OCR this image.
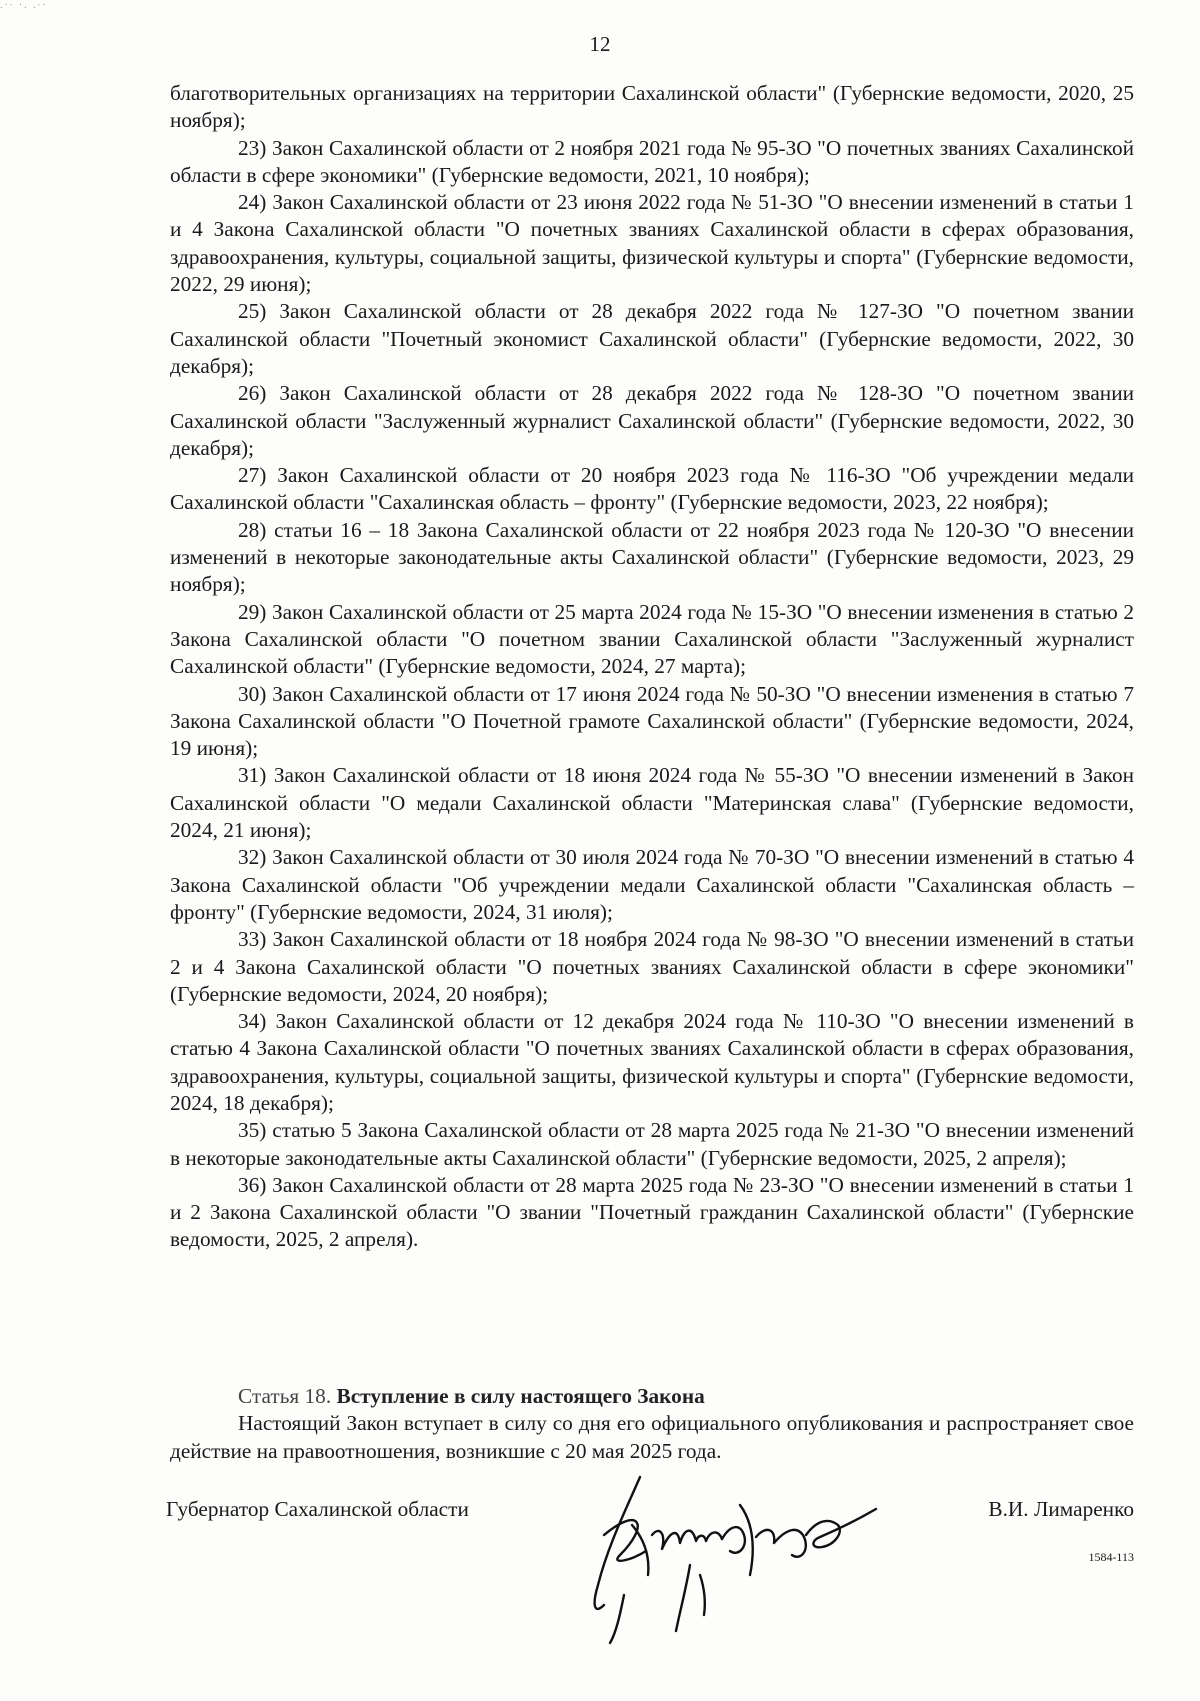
.·∙ ·. .∙·
12

благотворительных организациях на территории Сахалинской области" (Губернские ведомости, 2020, 25 ноября);

23) Закон Сахалинской области от 2 ноября 2021 года № 95-ЗО "О почетных званиях Сахалинской области в сфере экономики" (Губернские ведомости, 2021, 10 ноября);

24) Закон Сахалинской области от 23 июня 2022 года № 51-ЗО "О внесении изменений в статьи 1 и 4 Закона Сахалинской области "О почетных званиях Сахалинской области в сферах образования, здравоохранения, культуры, социальной защиты, физической культуры и спорта" (Губернские ведомости, 2022, 29 июня);

25) Закон Сахалинской области от 28 декабря 2022 года № 127-ЗО "О почетном звании Сахалинской области "Почетный экономист Сахалинской области" (Губернские ведомости, 2022, 30 декабря);

26) Закон Сахалинской области от 28 декабря 2022 года № 128-ЗО "О почетном звании Сахалинской области "Заслуженный журналист Сахалинской области" (Губернские ведомости, 2022, 30 декабря);

27) Закон Сахалинской области от 20 ноября 2023 года № 116-ЗО "Об учреждении медали Сахалинской области "Сахалинская область – фронту" (Губернские ведомости, 2023, 22 ноября);

28) статьи 16 – 18 Закона Сахалинской области от 22 ноября 2023 года № 120-ЗО "О внесении изменений в некоторые законодательные акты Сахалинской области" (Губернские ведомости, 2023, 29 ноября);

29) Закон Сахалинской области от 25 марта 2024 года № 15-ЗО "О внесении изменения в статью 2 Закона Сахалинской области "О почетном звании Сахалинской области "Заслуженный журналист Сахалинской области" (Губернские ведомости, 2024, 27 марта);

30) Закон Сахалинской области от 17 июня 2024 года № 50-ЗО "О внесении изменения в статью 7 Закона Сахалинской области "О Почетной грамоте Сахалинской области" (Губернские ведомости, 2024, 19 июня);

31) Закон Сахалинской области от 18 июня 2024 года № 55-ЗО "О внесении изменений в Закон Сахалинской области "О медали Сахалинской области "Материнская слава" (Губернские ведомости, 2024, 21 июня);

32) Закон Сахалинской области от 30 июля 2024 года № 70-ЗО "О внесении изменений в статью 4 Закона Сахалинской области "Об учреждении медали Сахалинской области "Сахалинская область – фронту" (Губернские ведомости, 2024, 31 июля);

33) Закон Сахалинской области от 18 ноября 2024 года № 98-ЗО "О внесении изменений в статьи 2 и 4 Закона Сахалинской области "О почетных званиях Сахалинской области в сфере экономики" (Губернские ведомости, 2024, 20 ноября);

34) Закон Сахалинской области от 12 декабря 2024 года № 110-ЗО "О внесении изменений в статью 4 Закона Сахалинской области "О почетных званиях Сахалинской области в сферах образования, здравоохранения, культуры, социальной защиты, физической культуры и спорта" (Губернские ведомости, 2024, 18 декабря);

35) статью 5 Закона Сахалинской области от 28 марта 2025 года № 21-ЗО "О внесении изменений в некоторые законодательные акты Сахалинской области" (Губернские ведомости, 2025, 2 апреля);

36) Закон Сахалинской области от 28 марта 2025 года № 23-ЗО "О внесении изменений в статьи 1 и 2 Закона Сахалинской области "О звании "Почетный гражданин Сахалинской области" (Губернские ведомости, 2025, 2 апреля).

Статья 18. Вступление в силу настоящего Закона

Настоящий Закон вступает в силу со дня его официального опубликования и распространяет свое действие на правоотношения, возникшие с 20 мая 2025 года.

Губернатор Сахалинской области	В.И. Лимаренко
1584-113
